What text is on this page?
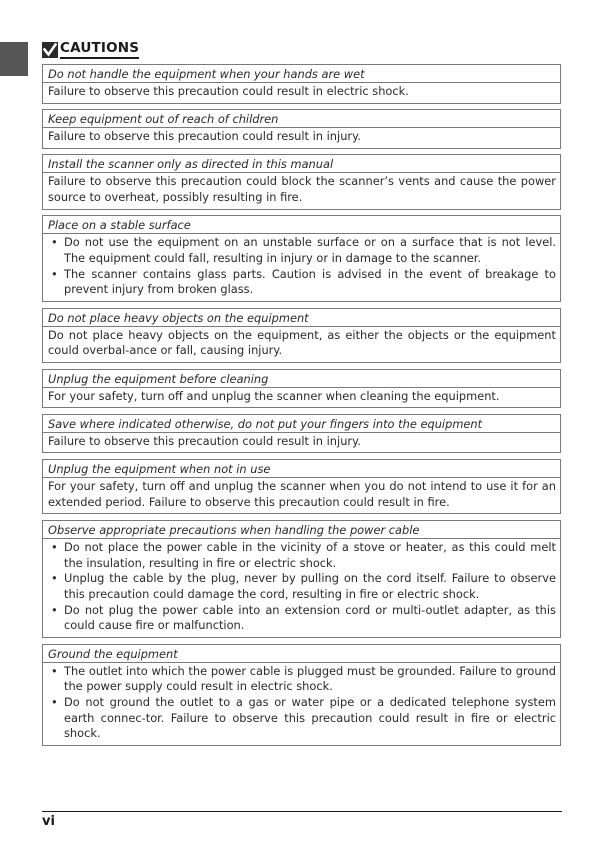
CAUTIONS
Do not handle the equipment when your hands are wet
Failure to observe this precaution could result in electric shock.
Keep equipment out of reach of children
Failure to observe this precaution could result in injury.
Install the scanner only as directed in this manual
Failure to observe this precaution could block the scanner’s vents and cause the power source to overheat, possibly resulting in fire.
Place on a stable surface
• Do not use the equipment on an unstable surface or on a surface that is not level. The equipment could fall, resulting in injury or in damage to the scanner.
• The scanner contains glass parts. Caution is advised in the event of breakage to prevent injury from broken glass.
Do not place heavy objects on the equipment
Do not place heavy objects on the equipment, as either the objects or the equipment could overbal-ance or fall, causing injury.
Unplug the equipment before cleaning
For your safety, turn off and unplug the scanner when cleaning the equipment.
Save where indicated otherwise, do not put your fingers into the equipment
Failure to observe this precaution could result in injury.
Unplug the equipment when not in use
For your safety, turn off and unplug the scanner when you do not intend to use it for an extended period. Failure to observe this precaution could result in fire.
Observe appropriate precautions when handling the power cable
• Do not place the power cable in the vicinity of a stove or heater, as this could melt the insulation, resulting in fire or electric shock.
• Unplug the cable by the plug, never by pulling on the cord itself. Failure to observe this precaution could damage the cord, resulting in fire or electric shock.
• Do not plug the power cable into an extension cord or multi-outlet adapter, as this could cause fire or malfunction.
Ground the equipment
• The outlet into which the power cable is plugged must be grounded. Failure to ground the power supply could result in electric shock.
• Do not ground the outlet to a gas or water pipe or a dedicated telephone system earth connec-tor. Failure to observe this precaution could result in fire or electric shock.
vi
